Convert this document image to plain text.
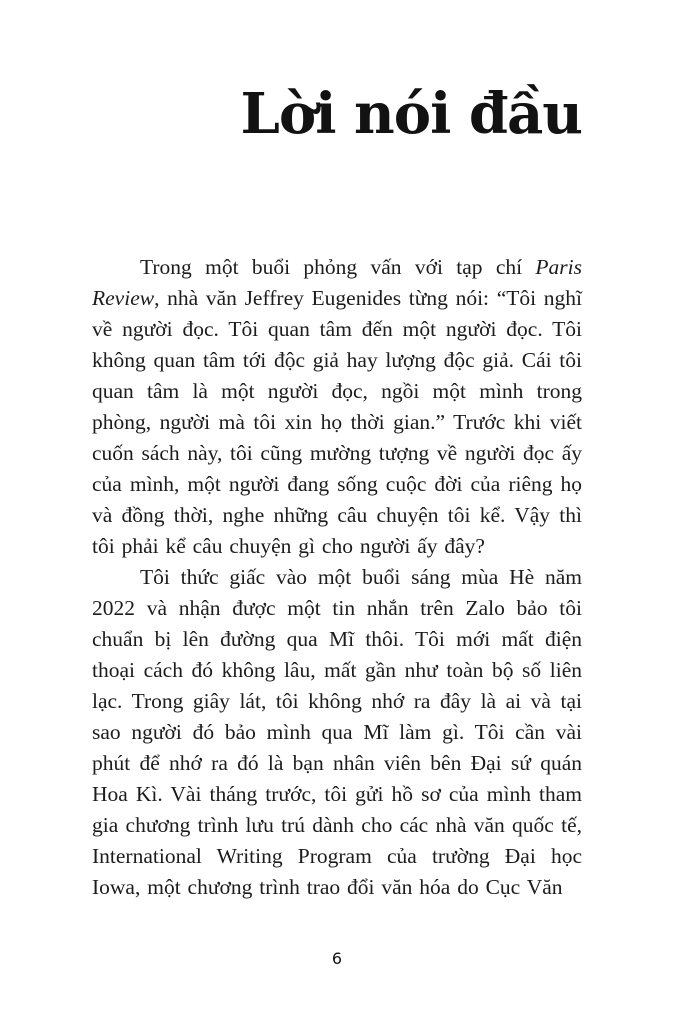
Lời nói đầu

Trong một buổi phỏng vấn với tạp chí Paris Review, nhà văn Jeffrey Eugenides từng nói: “Tôi nghĩ về người đọc. Tôi quan tâm đến một người đọc. Tôi không quan tâm tới độc giả hay lượng độc giả. Cái tôi quan tâm là một người đọc, ngồi một mình trong phòng, người mà tôi xin họ thời gian.” Trước khi viết cuốn sách này, tôi cũng mường tượng về người đọc ấy của mình, một người đang sống cuộc đời của riêng họ và đồng thời, nghe những câu chuyện tôi kể. Vậy thì tôi phải kể câu chuyện gì cho người ấy đây?

Tôi thức giấc vào một buổi sáng mùa Hè năm 2022 và nhận được một tin nhắn trên Zalo bảo tôi chuẩn bị lên đường qua Mĩ thôi. Tôi mới mất điện thoại cách đó không lâu, mất gần như toàn bộ số liên lạc. Trong giây lát, tôi không nhớ ra đây là ai và tại sao người đó bảo mình qua Mĩ làm gì. Tôi cần vài phút để nhớ ra đó là bạn nhân viên bên Đại sứ quán Hoa Kì. Vài tháng trước, tôi gửi hồ sơ của mình tham gia chương trình lưu trú dành cho các nhà văn quốc tế, International Writing Program của trường Đại học Iowa, một chương trình trao đổi văn hóa do Cục Văn

6
